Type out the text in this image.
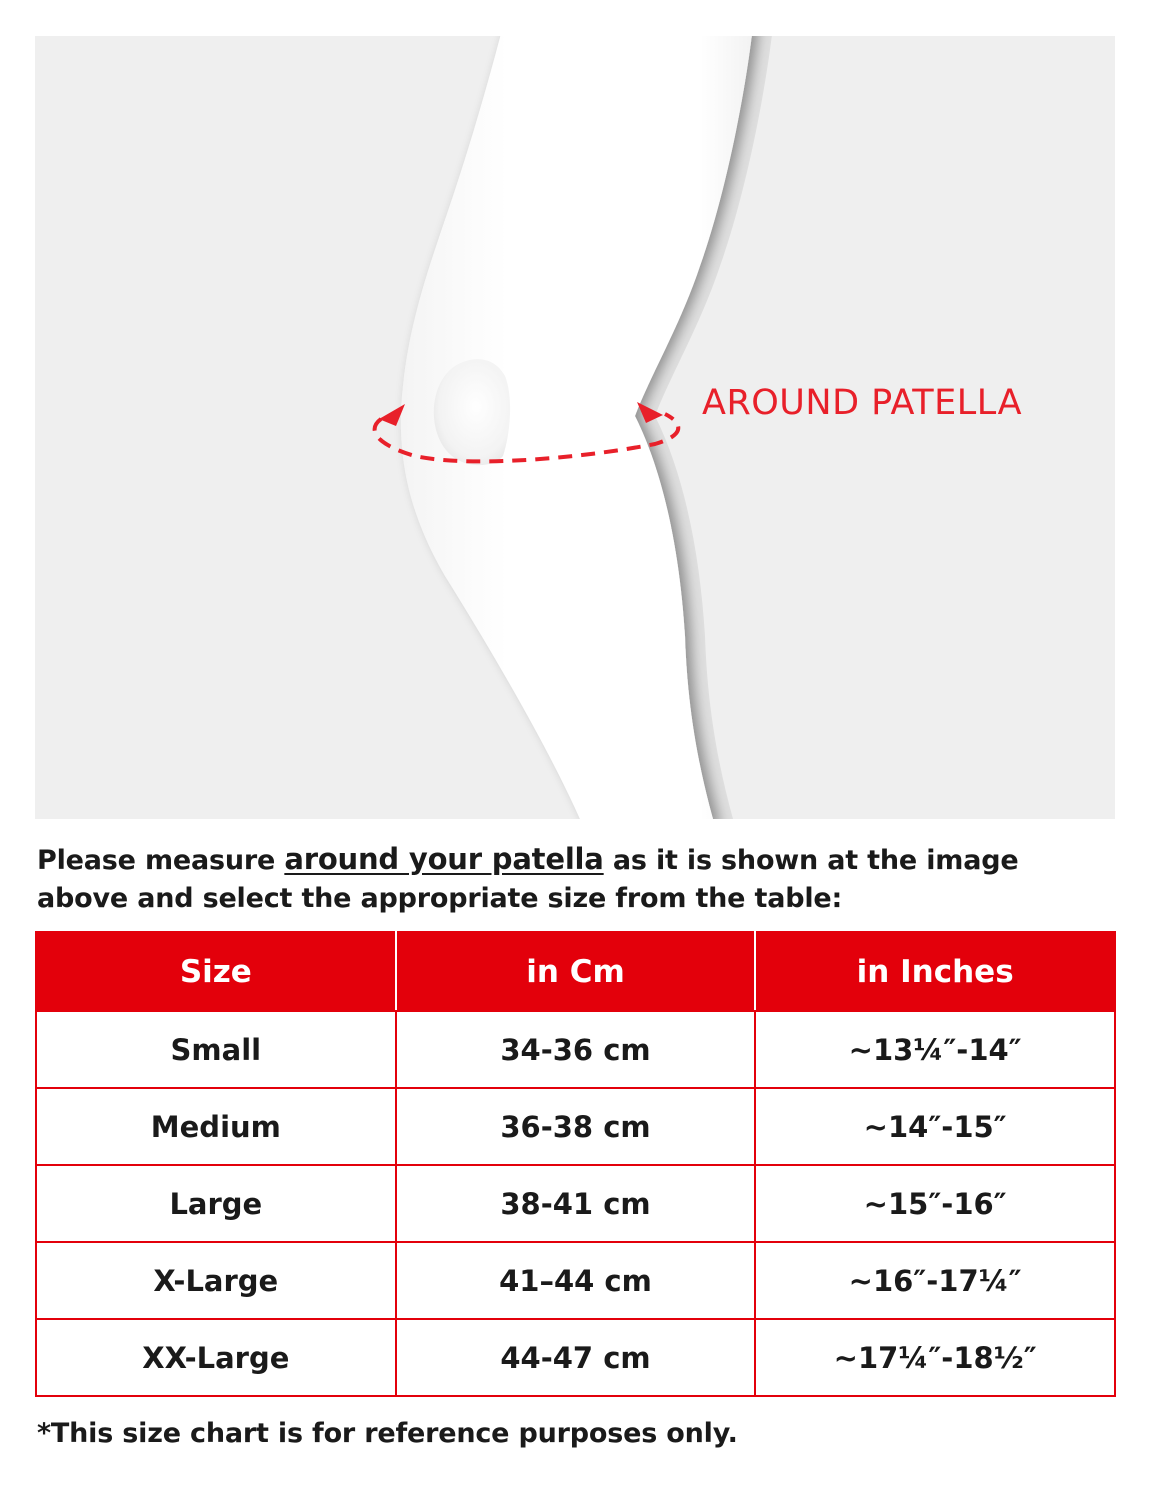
AROUND PATELLA
Please measure around your patella as it is shown at the image
above and select the appropriate size from the table:
Size	in Cm	in Inches
Small	34-36 cm	~13¼″-14″
Medium	36-38 cm	~14″-15″
Large	38-41 cm	~15″-16″
X-Large	41–44 cm	~16″-17¼″
XX-Large	44-47 cm	~17¼″-18½″
*This size chart is for reference purposes only.
